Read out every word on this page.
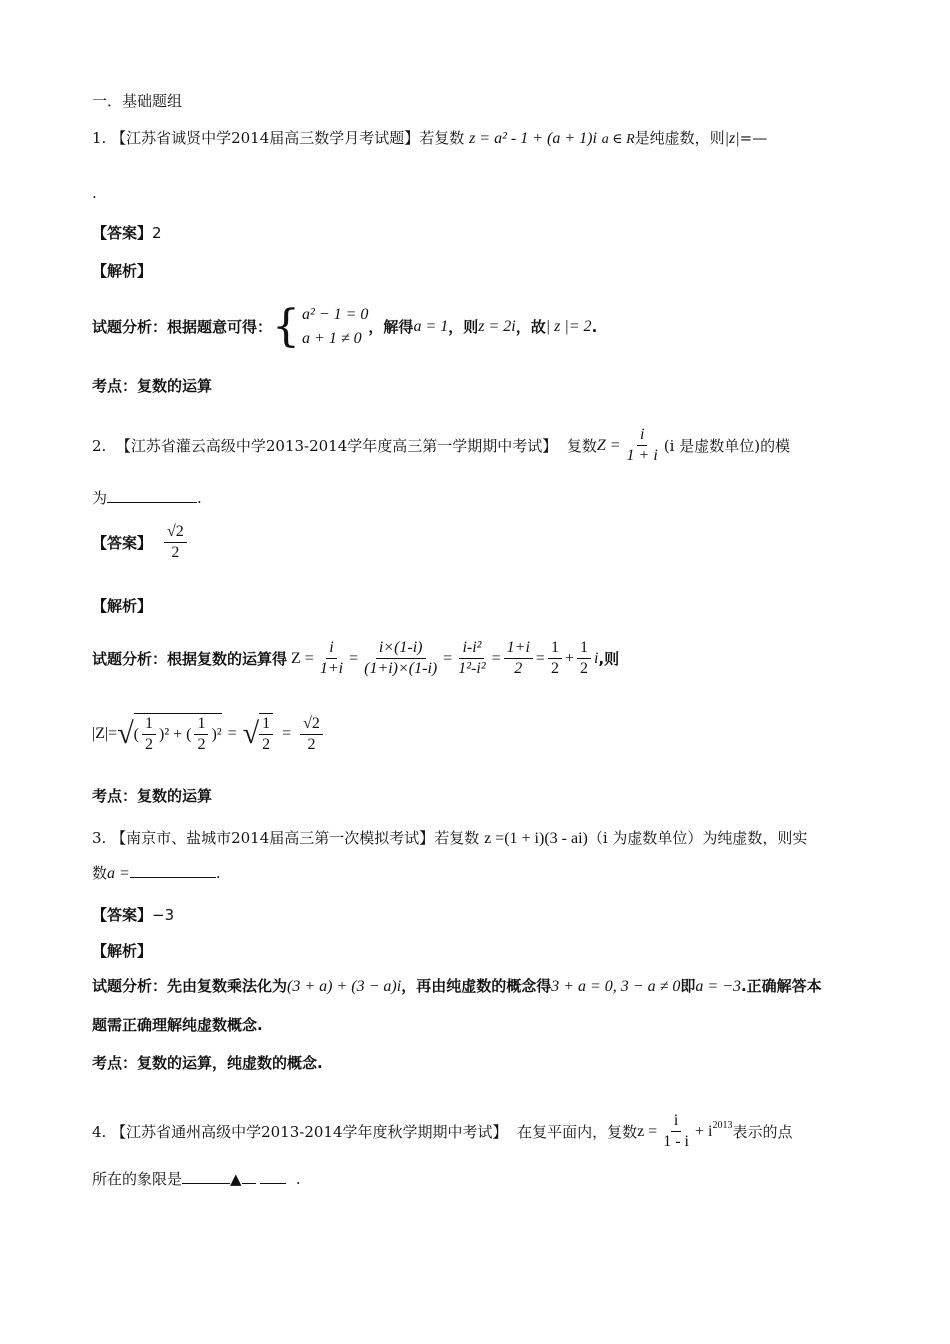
一．基础题组
1. 【江苏省诚贤中学2014届高三数学月考试题】若复数 z = a² - 1 + (a + 1)i a ∈ R是纯虚数，则|z|=—
.
【答案】2
【解析】
试题分析： 根据题意可得： { a² − 1 = 0
a + 1 ≠ 0
，解得 a = 1 ，则 z = 2i ，故 | z |= 2 .
考点：复数的运算
2.
【江苏省灌云高级中学2013-2014学年度高三第一学期期中考试】
复数 $Z = \frac{i}{1 + i} (i$ 是虚数单位)的模
为	.
【答案】 $\frac{√2}{2}$
【解析】
试题分析： 根据复数的运算得 $Z = \frac{i}{1+i} = \frac{i\times(1-i)}{(1+i)\times(1-i)} = \frac{\text{i-i²}}{\text{1²-i²}} = \frac{1+i}{2} = \frac{1}{2} + \frac{1}{2}$ i ,则
|Z|= √ ( $\frac{1}{2} )^2$ + ( $\frac{1}{2} )^2$ = √ $\frac{1}{2} = \frac{√2}{2}$
考点：复数的运算
3. 【南京市、盐城市2014届高三第一次模拟考试】若复数 z =(1 + i)(3 - ai)（i 为虚数单位）为纯虚数，则实
数a =	.
【答案】−3
【解析】
试题分析：先由复数乘法化为(3 + a) + (3 − a)i，再由纯虚数的概念得3 + a = 0, 3 − a ≠ 0即a = −3.正确解答本
题需正确理解纯虚数概念.
考点：复数的运算，纯虚数的概念.
4.
【江苏省通州高级中学2013-2014学年度秋学期期中考试】
在复平面内，复数 $z = \frac{i}{1 - i} + i^{2013}$ 表示的点
所在的象限是	▲	.
